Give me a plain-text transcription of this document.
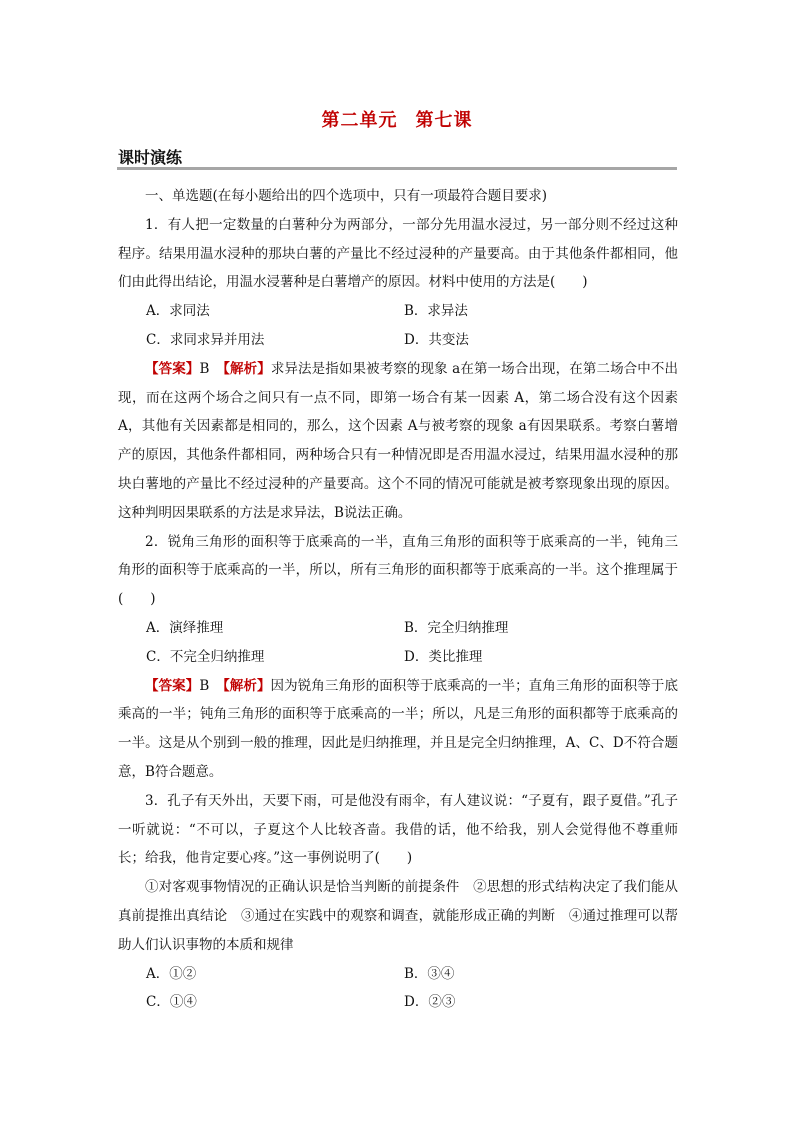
第二单元 第七课
课时演练

一、单选题(在每小题给出的四个选项中，只有一项最符合题目要求)

1．有人把一定数量的白薯种分为两部分，一部分先用温水浸过，另一部分则不经过这种程序。结果用温水浸种的那块白薯的产量比不经过浸种的产量要高。由于其他条件都相同，他们由此得出结论，用温水浸薯种是白薯增产的原因。材料中使用的方法是(　　)

A．求同法	B．求异法
C．求同求异并用法	D．共变法

【答案】B　 【解析】求异法是指如果被考察的现象 a在第一场合出现，在第二场合中不出现，而在这两个场合之间只有一点不同，即第一场合有某一因素 A，第二场合没有这个因素 A，其他有关因素都是相同的，那么，这个因素 A与被考察的现象 a有因果联系。考察白薯增产的原因，其他条件都相同，两种场合只有一种情况即是否用温水浸过，结果用温水浸种的那块白薯地的产量比不经过浸种的产量要高。这个不同的情况可能就是被考察现象出现的原因。这种判明因果联系的方法是求异法，B说法正确。

2．锐角三角形的面积等于底乘高的一半，直角三角形的面积等于底乘高的一半，钝角三角形的面积等于底乘高的一半，所以，所有三角形的面积都等于底乘高的一半。这个推理属于(　　)

A．演绎推理	B．完全归纳推理
C．不完全归纳推理	D．类比推理

【答案】B　 【解析】因为锐角三角形的面积等于底乘高的一半；直角三角形的面积等于底乘高的一半；钝角三角形的面积等于底乘高的一半；所以，凡是三角形的面积都等于底乘高的一半。这是从个别到一般的推理，因此是归纳推理，并且是完全归纳推理，A、C、D不符合题意，B符合题意。

3．孔子有天外出，天要下雨，可是他没有雨伞，有人建议说：“子夏有，跟子夏借。”孔子一听就说：“不可以，子夏这个人比较吝啬。我借的话，他不给我，别人会觉得他不尊重师长；给我，他肯定要心疼。”这一事例说明了(　　)

①对客观事物情况的正确认识是恰当判断的前提条件　②思想的形式结构决定了我们能从真前提推出真结论　③通过在实践中的观察和调查，就能形成正确的判断　④通过推理可以帮助人们认识事物的本质和规律

A．①②	B．③④
C．①④	D．②③
